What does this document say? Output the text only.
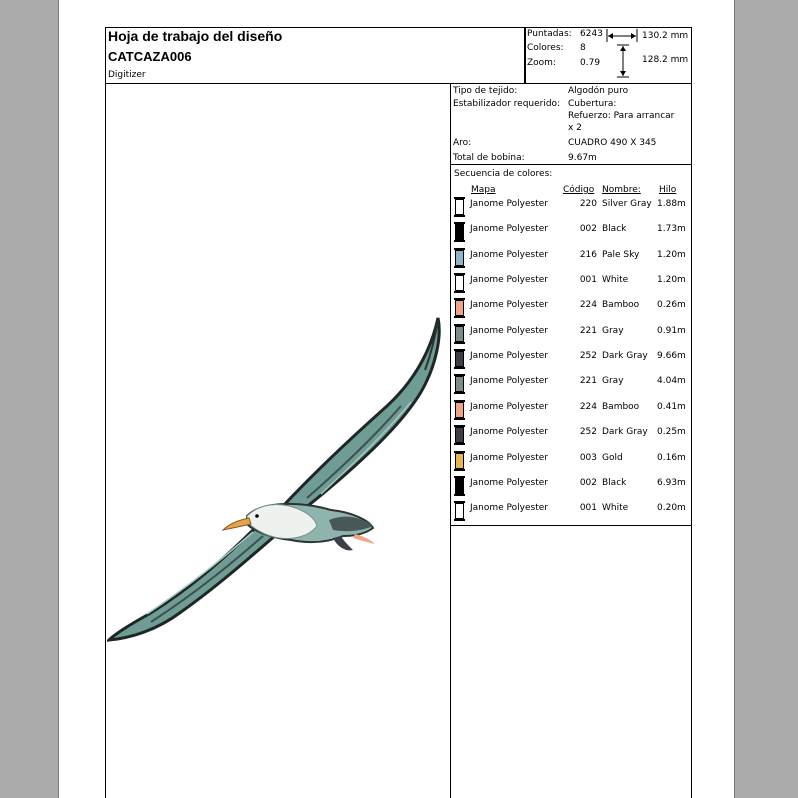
Hoja de trabajo del diseño
CATCAZA006
Digitizer
Puntadas: 6243
Colores: 8
Zoom:	0.79
130.2 mm
128.2 mm
Tipo de tejido:	Algodón puro
Estabilizador requerido: Cubertura:
Refuerzo: Para arrancar
x 2
Aro:	CUADRO 490 X 345
Total de bobina:	9.67m
Secuencia de colores:
Mapa	Código Nombre: Hilo
Janome Polyester	220 Silver Gray 1.88m
Janome Polyester	002 Black	1.73m
Janome Polyester	216 Pale Sky 1.20m
Janome Polyester	001 White	1.20m
Janome Polyester	224 Bamboo 0.26m
Janome Polyester	221 Gray	0.91m
Janome Polyester	252 Dark Gray 9.66m
Janome Polyester	221 Gray	4.04m
Janome Polyester	224 Bamboo 0.41m
Janome Polyester	252 Dark Gray 0.25m
Janome Polyester	003 Gold	0.16m
Janome Polyester	002 Black	6.93m
Janome Polyester	001 White	0.20m
